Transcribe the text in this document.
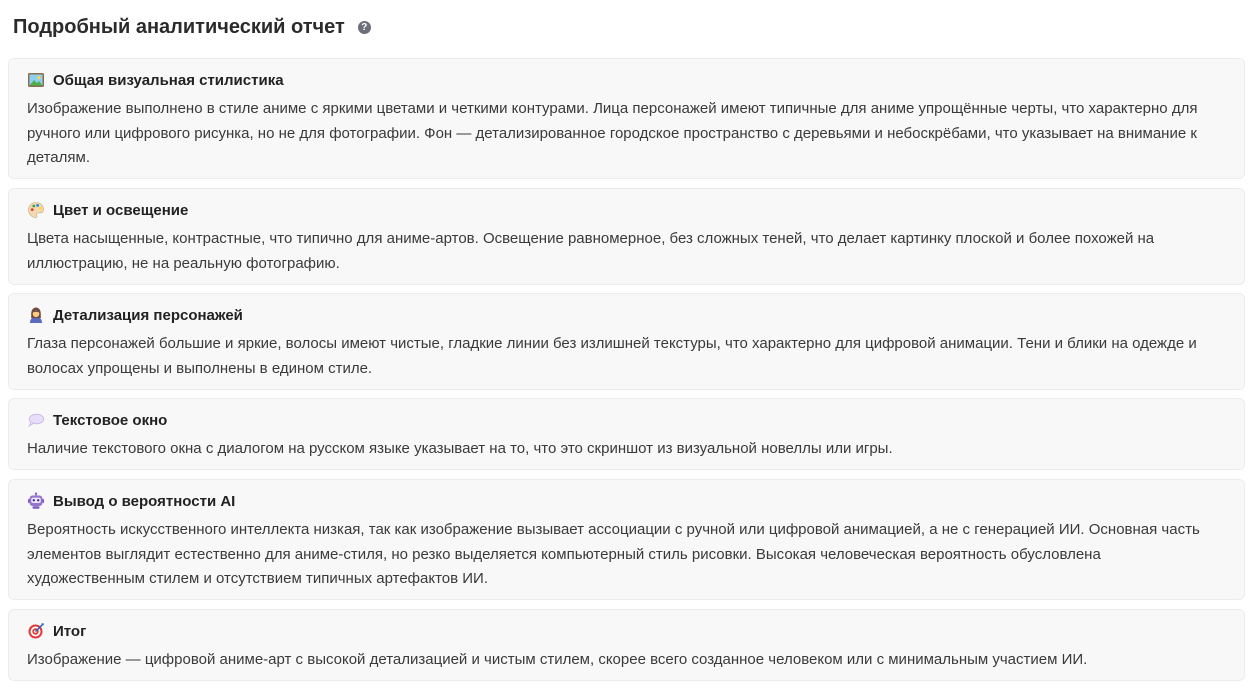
Подробный аналитический отчет	?
Общая визуальная стилистика
Изображение выполнено в стиле аниме с яркими цветами и четкими контурами. Лица персонажей имеют типичные для аниме упрощённые черты, что характерно для ручного или цифрового рисунка, но не для фотографии. Фон — детализированное городское пространство с деревьями и небоскрёбами, что указывает на внимание к деталям.
Цвет и освещение
Цвета насыщенные, контрастные, что типично для аниме-артов. Освещение равномерное, без сложных теней, что делает картинку плоской и более похожей на иллюстрацию, не на реальную фотографию.
Детализация персонажей
Глаза персонажей большие и яркие, волосы имеют чистые, гладкие линии без излишней текстуры, что характерно для цифровой анимации. Тени и блики на одежде и волосах упрощены и выполнены в едином стиле.
Текстовое окно
Наличие текстового окна с диалогом на русском языке указывает на то, что это скриншот из визуальной новеллы или игры.
Вывод о вероятности AI
Вероятность искусственного интеллекта низкая, так как изображение вызывает ассоциации с ручной или цифровой анимацией, а не с генерацией ИИ. Основная часть элементов выглядит естественно для аниме-стиля, но резко выделяется компьютерный стиль рисовки. Высокая человеческая вероятность обусловлена художественным стилем и отсутствием типичных артефактов ИИ.
Итог
Изображение — цифровой аниме-арт с высокой детализацией и чистым стилем, скорее всего созданное человеком или с минимальным участием ИИ.
